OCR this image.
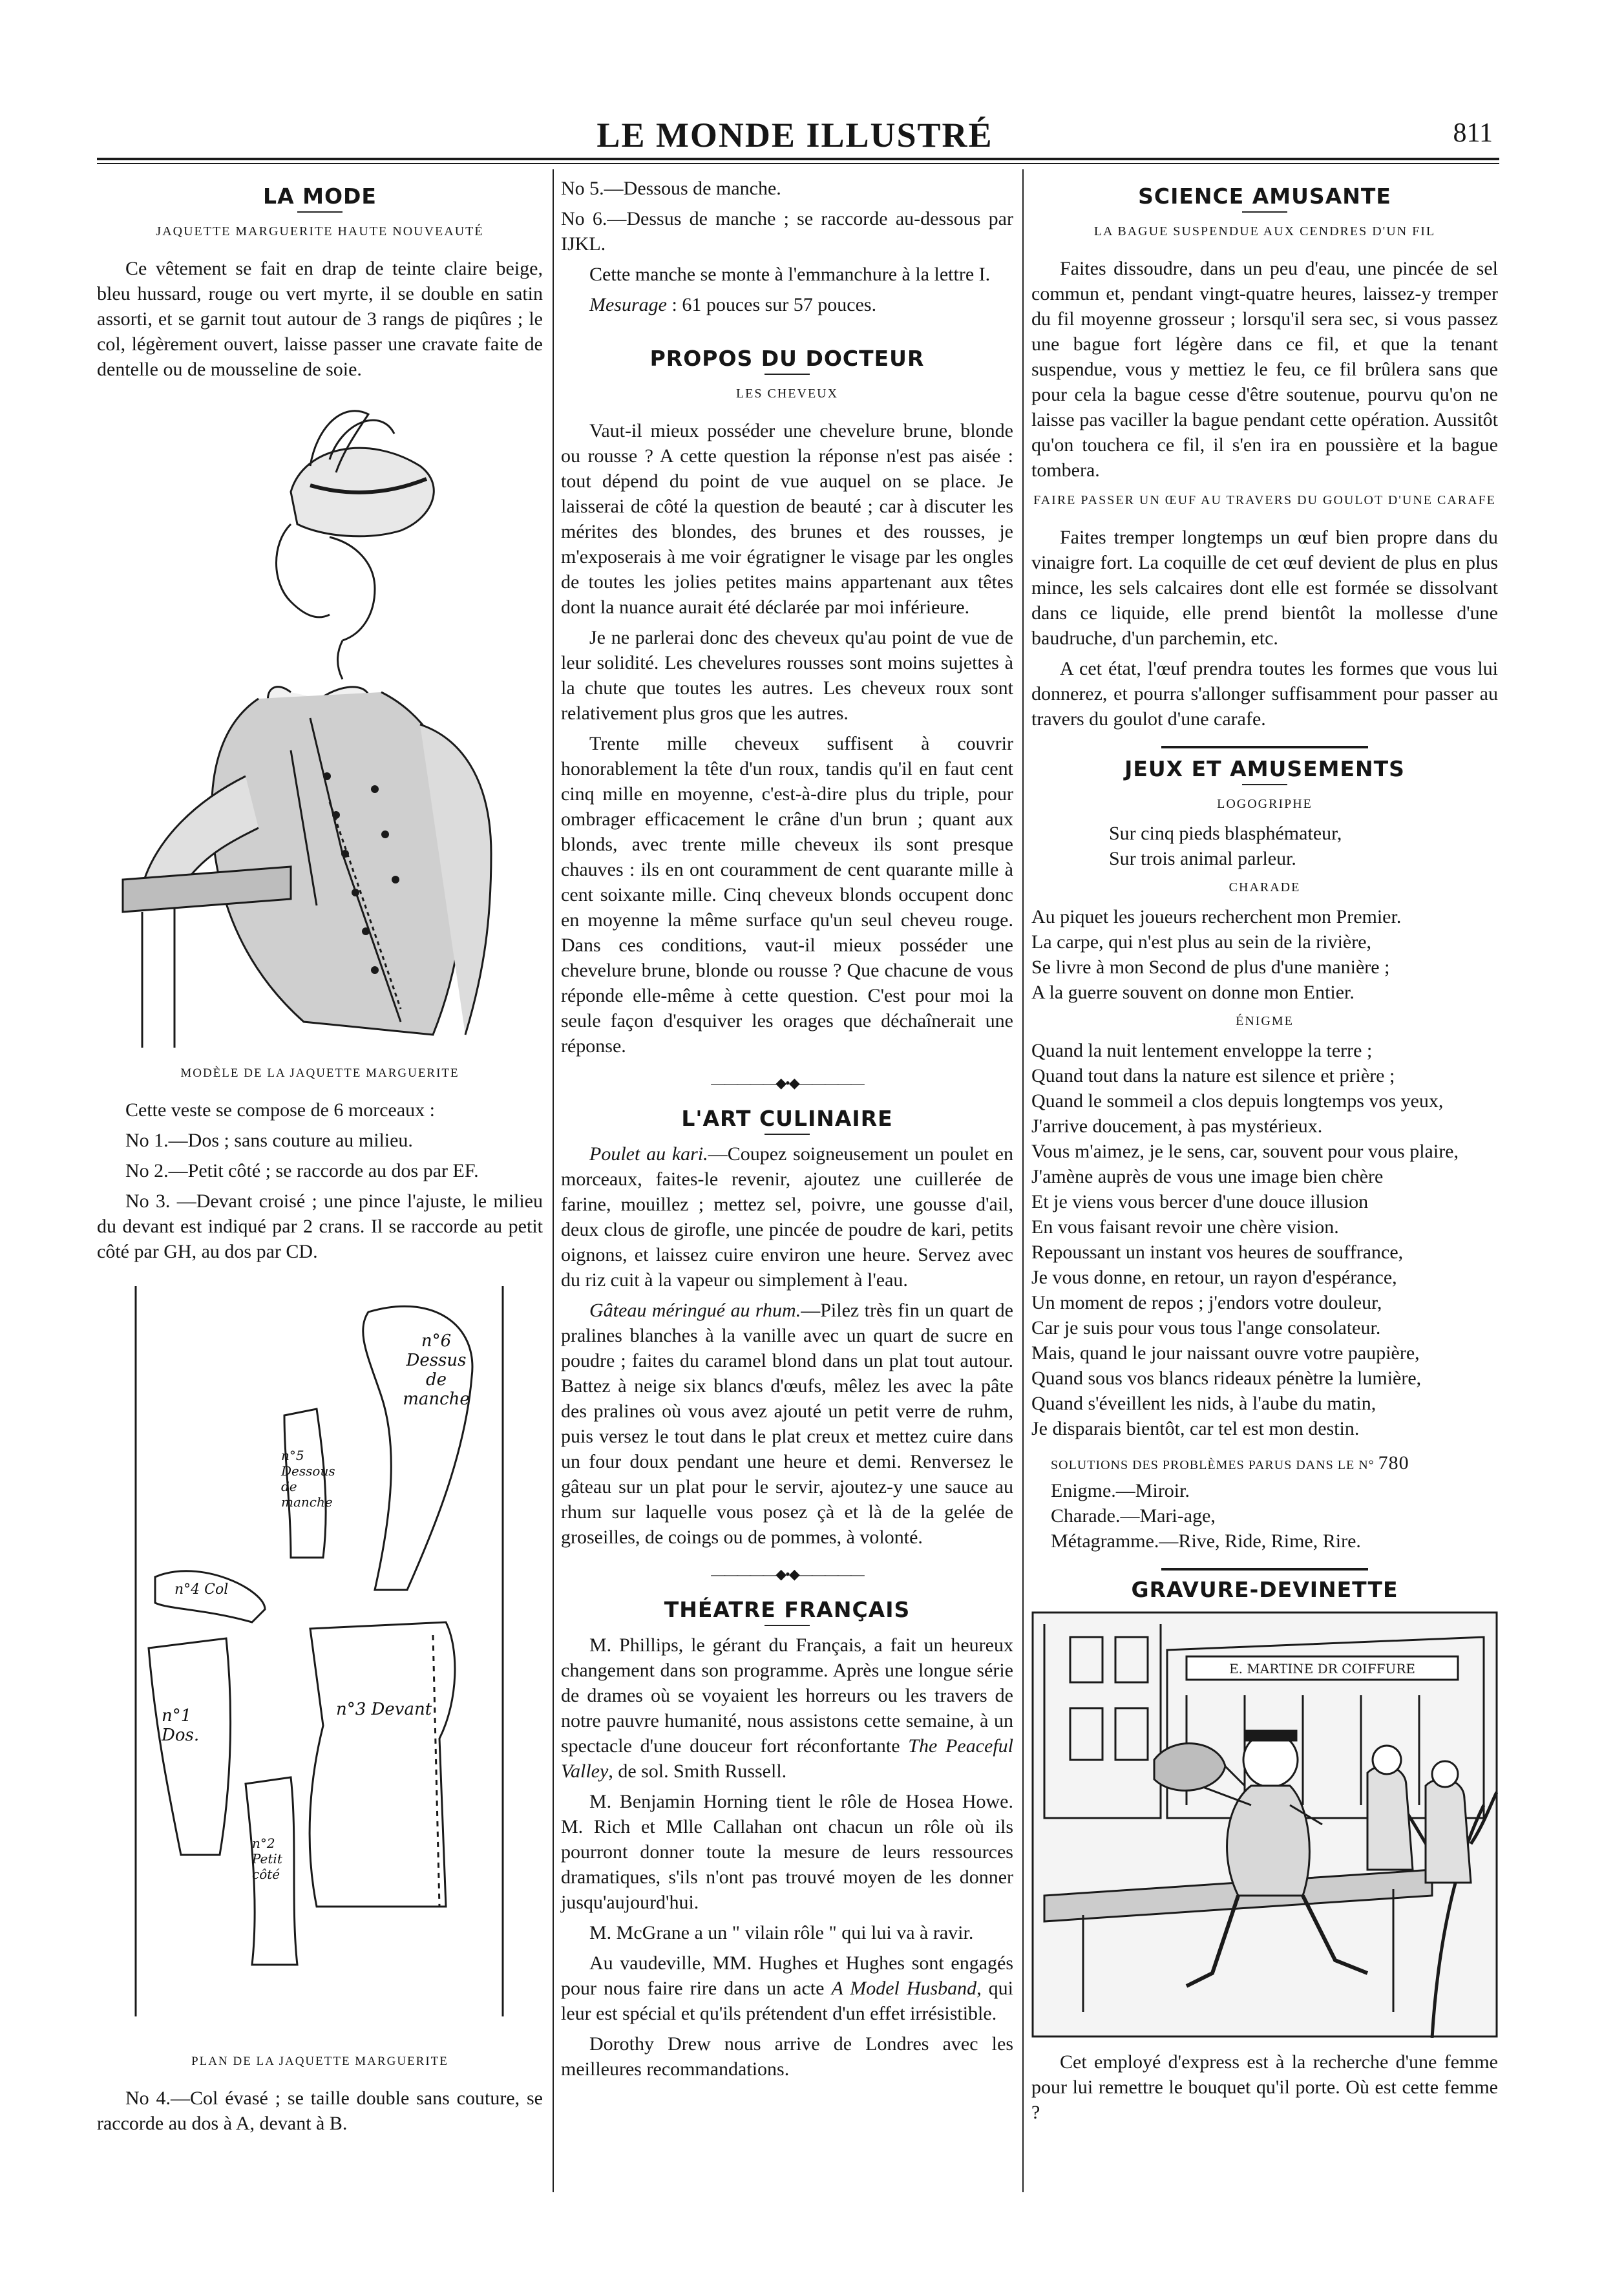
LE MONDE ILLUSTRÉ	811
LA MODE
JAQUETTE MARGUERITE HAUTE NOUVEAUTÉ

Ce vêtement se fait en drap de teinte claire beige, bleu hussard, rouge ou vert myrte, il se double en satin assorti, et se garnit tout autour de 3 rangs de piqûres ; le col, légèrement ouvert, laisse passer une cravate faite de dentelle ou de mousseline de soie.

MODÈLE DE LA JAQUETTE MARGUERITE

Cette veste se compose de 6 morceaux :

No 1.—Dos ; sans couture au milieu.

No 2.—Petit côté ; se raccorde au dos par EF.

No 3. —Devant croisé ; une pince l'ajuste, le milieu du devant est indiqué par 2 crans. Il se raccorde au petit côté par GH, au dos par CD.

n°6 Dessus de manche
n°5 Dessous de manche
n°4 Col
n°1 Dos.
n°3 Devant
n°2 Petit côté
PLAN DE LA JAQUETTE MARGUERITE

No 4.—Col évasé ; se taille double sans couture, se raccorde au dos à A, devant à B.

No 5.—Dessous de manche.

No 6.—Dessus de manche ; se raccorde au-dessous par IJKL.

Cette manche se monte à l'emmanchure à la lettre I.

Mesurage : 61 pouces sur 57 pouces.

PROPOS DU DOCTEUR
LES CHEVEUX

Vaut-il mieux posséder une chevelure brune, blonde ou rousse ? A cette question la réponse n'est pas aisée : tout dépend du point de vue auquel on se place. Je laisserai de côté la question de beauté ; car à discuter les mérites des blondes, des brunes et des rousses, je m'exposerais à me voir égratigner le visage par les ongles de toutes les jolies petites mains appartenant aux têtes dont la nuance aurait été déclarée par moi inférieure.

Je ne parlerai donc des cheveux qu'au point de vue de leur solidité. Les chevelures rousses sont moins sujettes à la chute que toutes les autres. Les cheveux roux sont relativement plus gros que les autres.

Trente mille cheveux suffisent à couvrir honorablement la tête d'un roux, tandis qu'il en faut cent cinq mille en moyenne, c'est-à-dire plus du triple, pour ombrager efficacement le crâne d'un brun ; quant aux blonds, avec trente mille cheveux ils sont presque chauves : ils en ont couramment de cent quarante mille à cent soixante mille. Cinq cheveux blonds occupent donc en moyenne la même surface qu'un seul cheveu rouge. Dans ces conditions, vaut-il mieux posséder une chevelure brune, blonde ou rousse ? Que chacune de vous réponde elle-même à cette question. C'est pour moi la seule façon d'esquiver les orages que déchaînerait une réponse.

—————◆•◆—————
L'ART CULINAIRE

Poulet au kari.—Coupez soigneusement un poulet en morceaux, faites-le revenir, ajoutez une cuillerée de farine, mouillez ; mettez sel, poivre, une gousse d'ail, deux clous de girofle, une pincée de poudre de kari, petits oignons, et laissez cuire environ une heure. Servez avec du riz cuit à la vapeur ou simplement à l'eau.

Gâteau méringué au rhum.—Pilez très fin un quart de pralines blanches à la vanille avec un quart de sucre en poudre ; faites du caramel blond dans un plat tout autour. Battez à neige six blancs d'œufs, mêlez les avec la pâte des pralines où vous avez ajouté un petit verre de ruhm, puis versez le tout dans le plat creux et mettez cuire dans un four doux pendant une heure et demi. Renversez le gâteau sur un plat pour le servir, ajoutez-y une sauce au rhum sur laquelle vous posez çà et là de la gelée de groseilles, de coings ou de pommes, à volonté.

—————◆•◆—————
THÉATRE FRANÇAIS

M. Phillips, le gérant du Français, a fait un heureux changement dans son programme. Après une longue série de drames où se voyaient les horreurs ou les travers de notre pauvre humanité, nous assistons cette semaine, à un spectacle d'une douceur fort réconfortante The Peaceful Valley, de sol. Smith Russell.

M. Benjamin Horning tient le rôle de Hosea Howe. M. Rich et Mlle Callahan ont chacun un rôle où ils pourront donner toute la mesure de leurs ressources dramatiques, s'ils n'ont pas trouvé moyen de les donner jusqu'aujourd'hui.

M. McGrane a un " vilain rôle " qui lui va à ravir.

Au vaudeville, MM. Hughes et Hughes sont engagés pour nous faire rire dans un acte A Model Husband, qui leur est spécial et qu'ils prétendent d'un effet irrésistible.

Dorothy Drew nous arrive de Londres avec les meilleures recommandations.

SCIENCE AMUSANTE
LA BAGUE SUSPENDUE AUX CENDRES D'UN FIL

Faites dissoudre, dans un peu d'eau, une pincée de sel commun et, pendant vingt-quatre heures, laissez-y tremper du fil moyenne grosseur ; lorsqu'il sera sec, si vous passez une bague fort légère dans ce fil, et que la tenant suspendue, vous y mettiez le feu, ce fil brûlera sans que pour cela la bague cesse d'être soutenue, pourvu qu'on ne laisse pas vaciller la bague pendant cette opération. Aussitôt qu'on touchera ce fil, il s'en ira en poussière et la bague tombera.

FAIRE PASSER UN ŒUF AU TRAVERS DU GOULOT D'UNE CARAFE

Faites tremper longtemps un œuf bien propre dans du vinaigre fort. La coquille de cet œuf devient de plus en plus mince, les sels calcaires dont elle est formée se dissolvant dans ce liquide, elle prend bientôt la mollesse d'une baudruche, d'un parchemin, etc.

A cet état, l'œuf prendra toutes les formes que vous lui donnerez, et pourra s'allonger suffisamment pour passer au travers du goulot d'une carafe.

JEUX ET AMUSEMENTS
LOGOGRIPHE
Sur cinq pieds blasphémateur,
Sur trois animal parleur.
CHARADE
Au piquet les joueurs recherchent mon Premier.
La carpe, qui n'est plus au sein de la rivière,
Se livre à mon Second de plus d'une manière ;
A la guerre souvent on donne mon Entier.
ÉNIGME
Quand la nuit lentement enveloppe la terre ;
Quand tout dans la nature est silence et prière ;
Quand le sommeil a clos depuis longtemps vos yeux,
J'arrive doucement, à pas mystérieux.
Vous m'aimez, je le sens, car, souvent pour vous plaire,
J'amène auprès de vous une image bien chère
Et je viens vous bercer d'une douce illusion
En vous faisant revoir une chère vision.
Repoussant un instant vos heures de souffrance,
Je vous donne, en retour, un rayon d'espérance,
Un moment de repos ; j'endors votre douleur,
Car je suis pour vous tous l'ange consolateur.
Mais, quand le jour naissant ouvre votre paupière,
Quand sous vos blancs rideaux pénètre la lumière,
Quand s'éveillent les nids, à l'aube du matin,
Je disparais bientôt, car tel est mon destin.
SOLUTIONS DES PROBLÈMES PARUS DANS LE N° 780
Enigme.—Miroir.
Charade.—Mari-age,
Métagramme.—Rive, Ride, Rime, Rire.
GRAVURE-DEVINETTE
E. MARTINE DR COIFFURE

Cet employé d'express est à la recherche d'une femme pour lui remettre le bouquet qu'il porte. Où est cette femme ?
